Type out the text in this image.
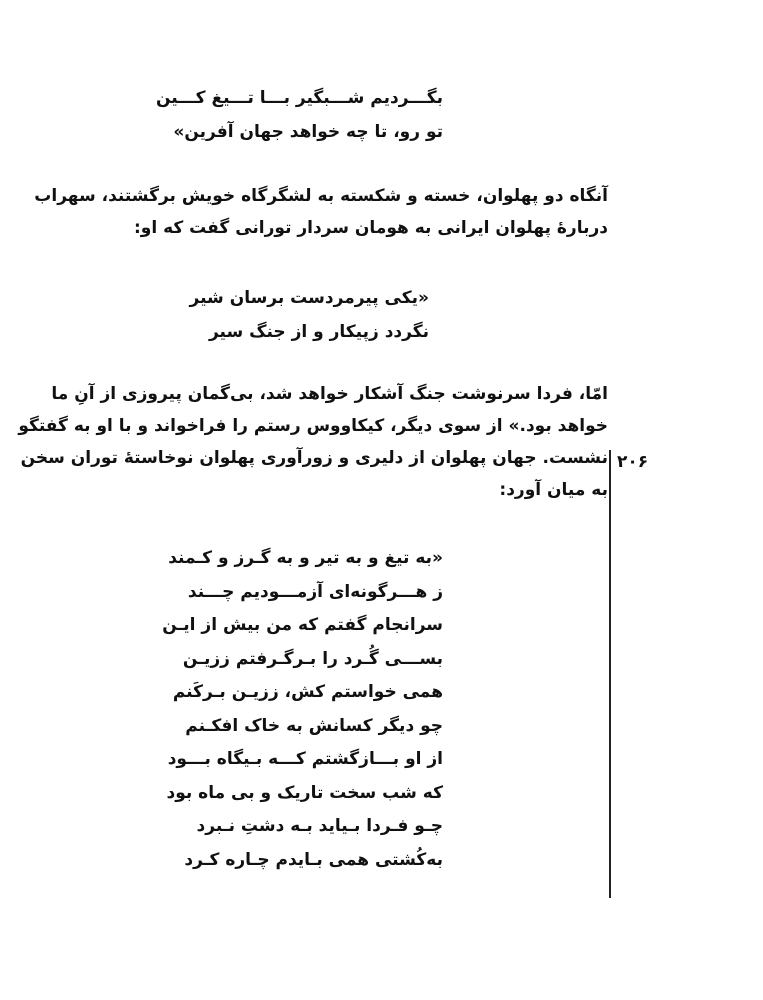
بگـــردیم شـــبگیر بـــا تـــیغ کـــین
تو رو، تا چه خواهد جهان آفرین»
آنگاه دو پهلوان، خسته و شکسته به لشگرگاه خویش برگشتند، سهراب
دربارهٔ پهلوان ایرانی به هومان سردار تورانی گفت که او:
«یکی پیرمردست برسان شیر
نگردد زپیکار و از جنگ سیر
امّا، فردا سرنوشت جنگ آشکار خواهد شد، بی‌گمان پیروزی از آنِ ما
خواهد بود.» از سوی دیگر، کیکاووس رستم را فراخواند و با او به گفتگو
نشست. جهان پهلوان از دلیری و زورآوری پهلوان نوخاستهٔ توران سخن
به میان آورد:
۲۰۶
«به تیغ و به تیر و به گـرز و کـمند
ز هـــرگونه‌ای آزمـــودیم چـــند
سرانجام گفتم که من بیش از ایـن
بســـی گُـرد را بـرگـرفتم ززیـن
همی خواستم کش، ززیـن بـرکَنم
چو دیگر کسانش به خاک افکـنم
از او بـــازگشتم کـــه بـیگاه بـــود
که شب سخت تاریک و بی ماه بود
چـو فـردا بـیاید بـه دشتِ نـبرد
به‌کُشتی همی بـایدم چـاره کـرد
